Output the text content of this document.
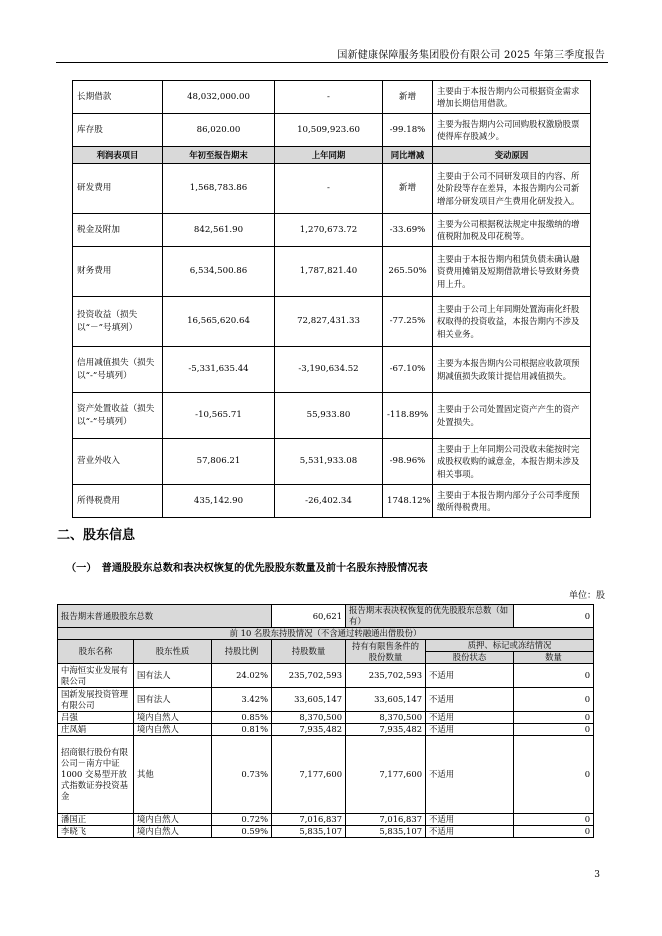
国新健康保障服务集团股份有限公司 2025 年第三季度报告
长期借款	48,032,000.00	-	新增	主要由于本报告期内公司根据资金需求增加长期信用借款。
库存股	86,020.00	10,509,923.60	-99.18%	主要为报告期内公司回购股权激励股票使得库存股减少。
利润表项目	年初至报告期末	上年同期	同比增减	变动原因
研发费用	1,568,783.86	-	新增	主要由于公司不同研发项目的内容、所处阶段等存在差异，本报告期内公司新增部分研发项目产生费用化研发投入。
税金及附加	842,561.90	1,270,673.72	-33.69%	主要为公司根据税法规定申报缴纳的增值税附加税及印花税等。
财务费用	6,534,500.86	1,787,821.40	265.50%	主要由于本报告期内租赁负债未确认融资费用摊销及短期借款增长导致财务费用上升。
投资收益（损失以“－”号填列）	16,565,620.64	72,827,431.33	-77.25%	主要由于公司上年同期处置海南化纤股权取得的投资收益，本报告期内不涉及相关业务。
信用减值损失（损失以“-”号填列）	-5,331,635.44	-3,190,634.52	-67.10%	主要为本报告期内公司根据应收款项预期减值损失政策计提信用减值损失。
资产处置收益（损失以“-”号填列）	-10,565.71	55,933.80	-118.89%	主要由于公司处置固定资产产生的资产处置损失。
营业外收入	57,806.21	5,531,933.08	-98.96%	主要由于上年同期公司没收未能按时完成股权收购的诚意金，本报告期未涉及相关事项。
所得税费用	435,142.90	-26,402.34	1748.12%	主要由于本报告期内部分子公司季度预缴所得税费用。
二、股东信息
（一）　普通股股东总数和表决权恢复的优先股股东数量及前十名股东持股情况表
单位：股
报告期末普通股股东总数			60,621	报告期末表决权恢复的优先股股东总数（如有）		0
前 10 名股东持股情况（不含通过转融通出借股份）						
股东名称	股东性质	持股比例	持股数量	持有有限售条件的股份数量	质押、标记或冻结情况	
					股份状态	数量
中海恒实业发展有限公司	国有法人	24.02%	235,702,593	235,702,593	不适用	0
国新发展投资管理有限公司	国有法人	3.42%	33,605,147	33,605,147	不适用	0
吕强	境内自然人	0.85%	8,370,500	8,370,500	不适用	0
庄凤娟	境内自然人	0.81%	7,935,482	7,935,482	不适用	0
招商银行股份有限公司－南方中证 1000 交易型开放式指数证券投资基金	其他	0.73%	7,177,600	7,177,600	不适用	0
潘国正	境内自然人	0.72%	7,016,837	7,016,837	不适用	0
李晓飞	境内自然人	0.59%	5,835,107	5,835,107	不适用	0
3
